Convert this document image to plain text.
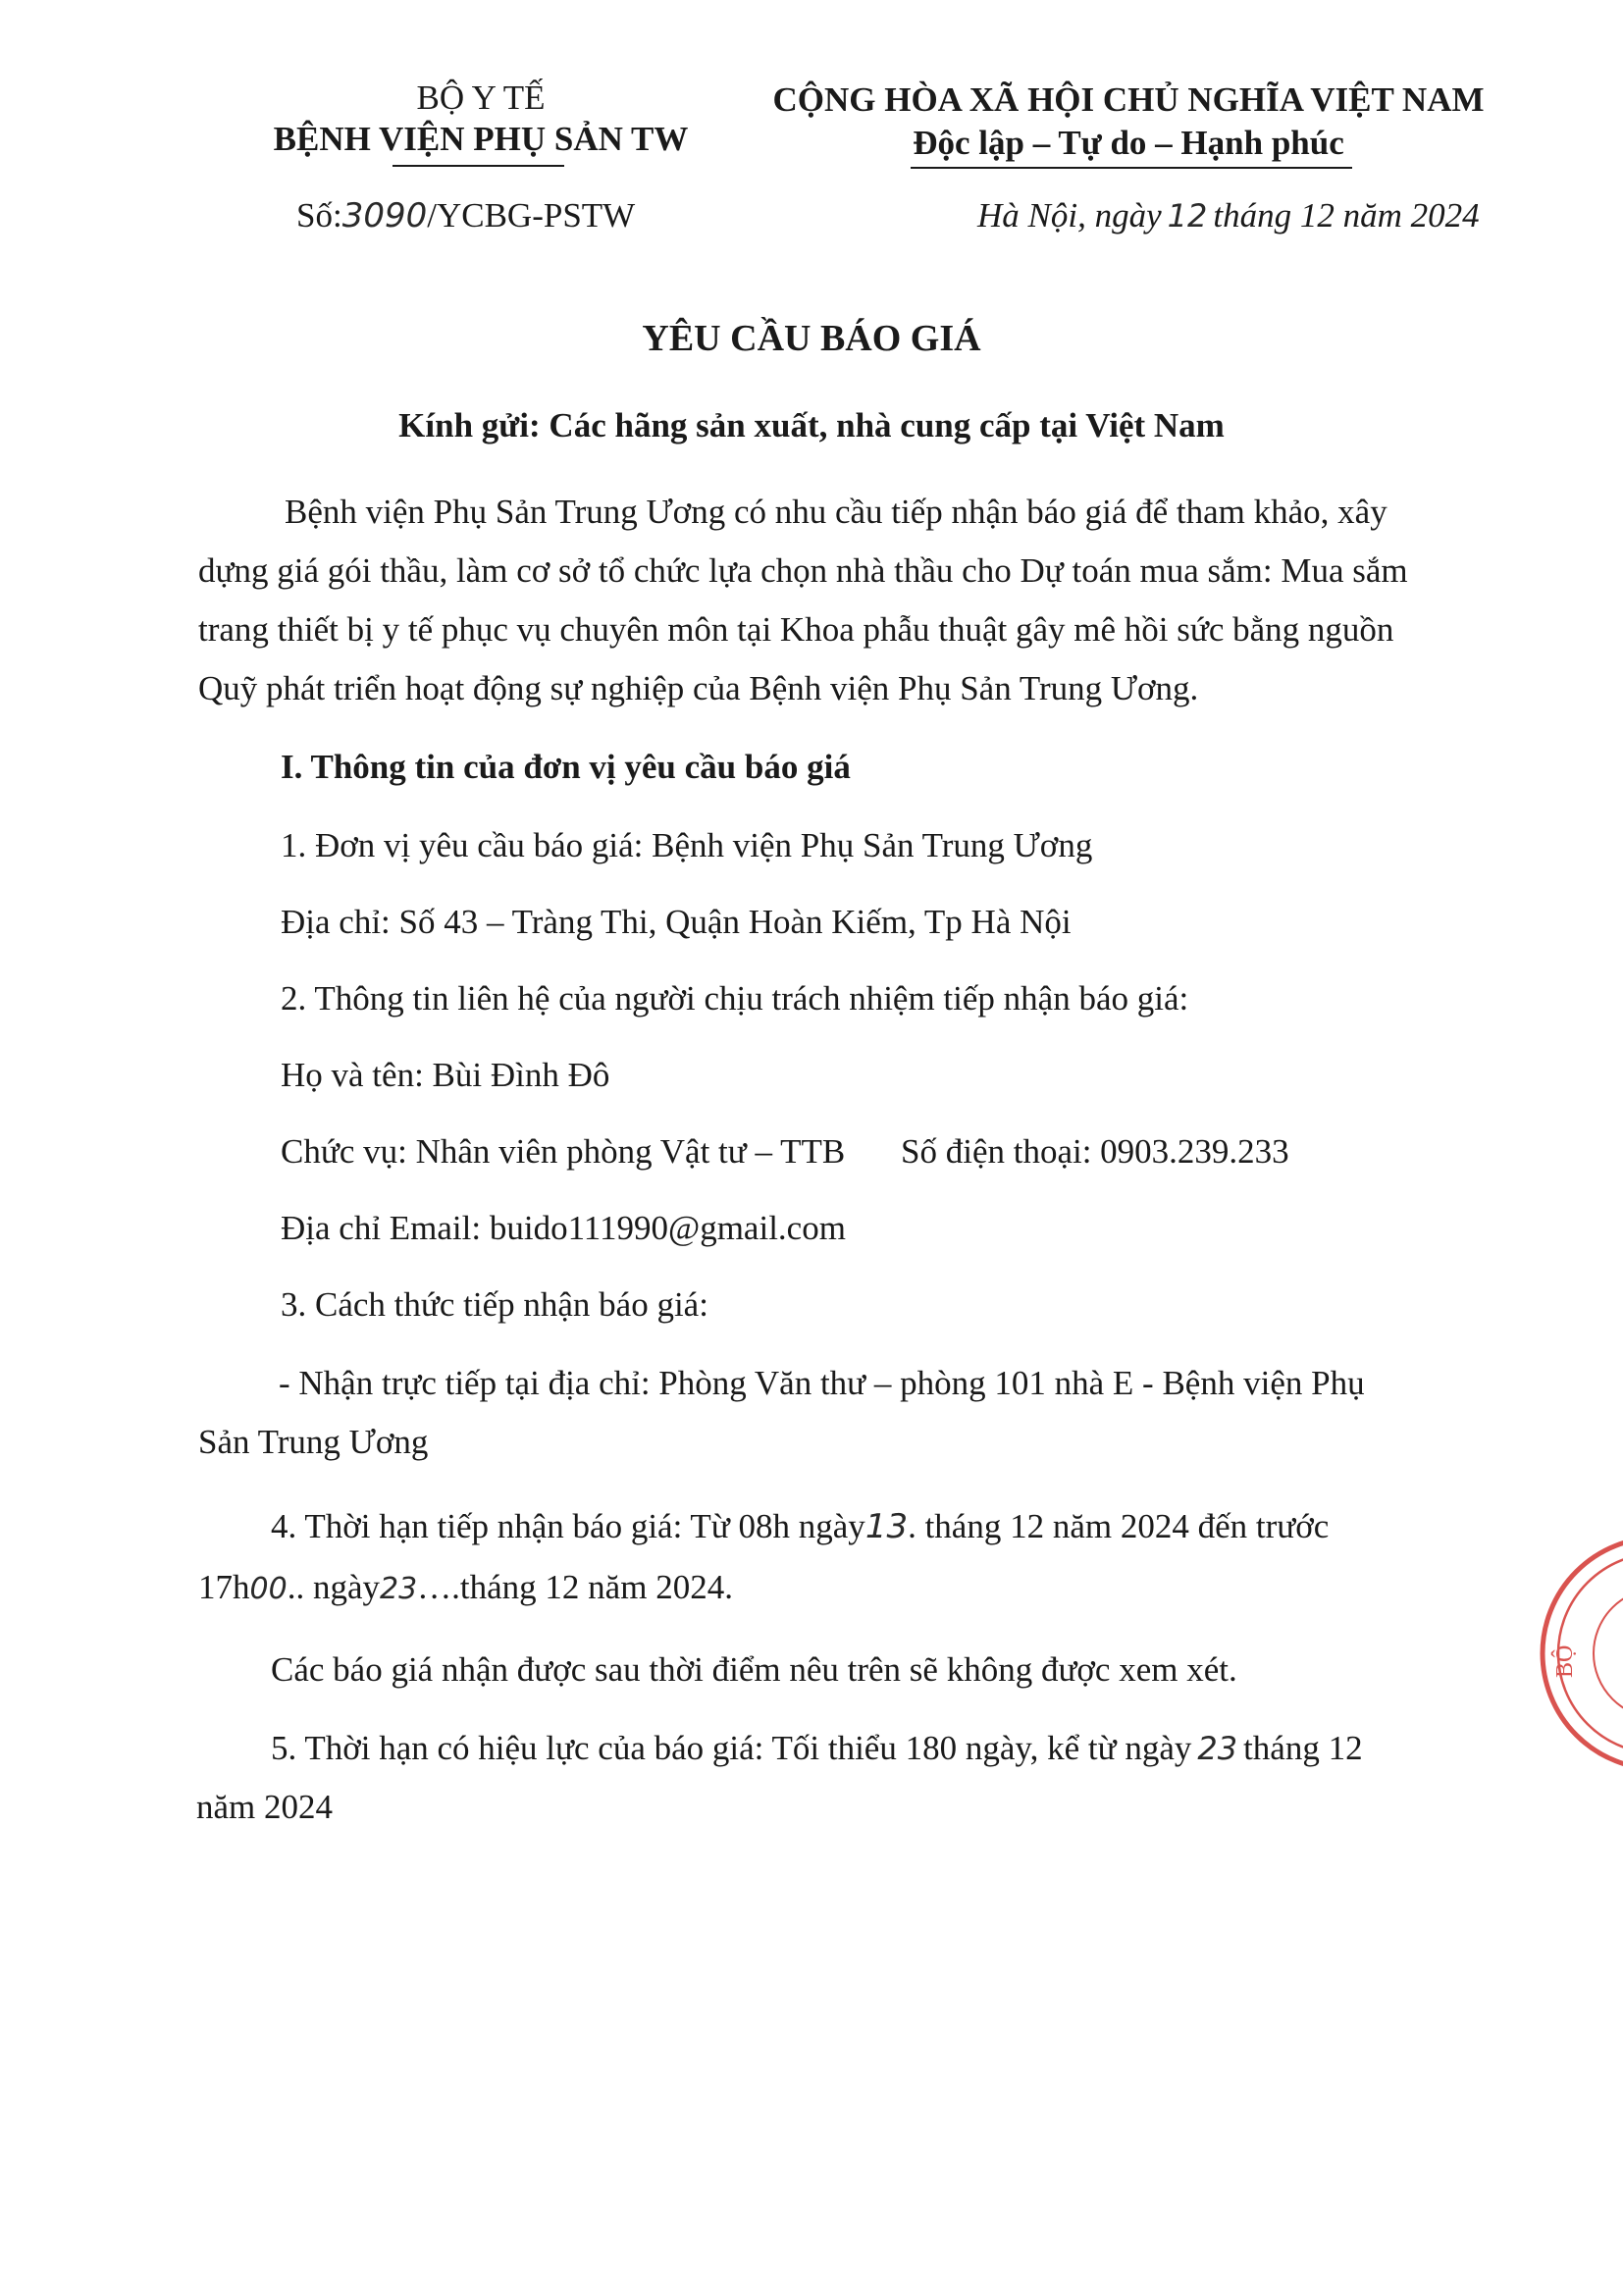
BỘ Y TẾ
BỆNH VIỆN PHỤ SẢN TW
Số:3090/YCBG-PSTW
CỘNG HÒA XÃ HỘI CHỦ NGHĨA VIỆT NAM
Độc lập – Tự do – Hạnh phúc
Hà Nội, ngày 12 tháng 12 năm 2024
YÊU CẦU BÁO GIÁ
Kính gửi: Các hãng sản xuất, nhà cung cấp tại Việt Nam
Bệnh viện Phụ Sản Trung Ương có nhu cầu tiếp nhận báo giá để tham khảo, xây
dựng giá gói thầu, làm cơ sở tổ chức lựa chọn nhà thầu cho Dự toán mua sắm: Mua sắm
trang thiết bị y tế phục vụ chuyên môn tại Khoa phẫu thuật gây mê hồi sức bằng nguồn
Quỹ phát triển hoạt động sự nghiệp của Bệnh viện Phụ Sản Trung Ương.
I. Thông tin của đơn vị yêu cầu báo giá
1. Đơn vị yêu cầu báo giá: Bệnh viện Phụ Sản Trung Ương
Địa chỉ: Số 43 – Tràng Thi, Quận Hoàn Kiếm, Tp Hà Nội
2. Thông tin liên hệ của người chịu trách nhiệm tiếp nhận báo giá:
Họ và tên: Bùi Đình Đô
Chức vụ: Nhân viên phòng Vật tư – TTB Số điện thoại: 0903.239.233
Địa chỉ Email: buido111990@gmail.com
3. Cách thức tiếp nhận báo giá:
- Nhận trực tiếp tại địa chỉ: Phòng Văn thư – phòng 101 nhà E - Bệnh viện Phụ
Sản Trung Ương
4. Thời hạn tiếp nhận báo giá: Từ 08h ngày13. tháng 12 năm 2024 đến trước
17h00.. ngày23….tháng 12 năm 2024.
Các báo giá nhận được sau thời điểm nêu trên sẽ không được xem xét.
5. Thời hạn có hiệu lực của báo giá: Tối thiểu 180 ngày, kể từ ngày 23 tháng 12
năm 2024
BỘ
